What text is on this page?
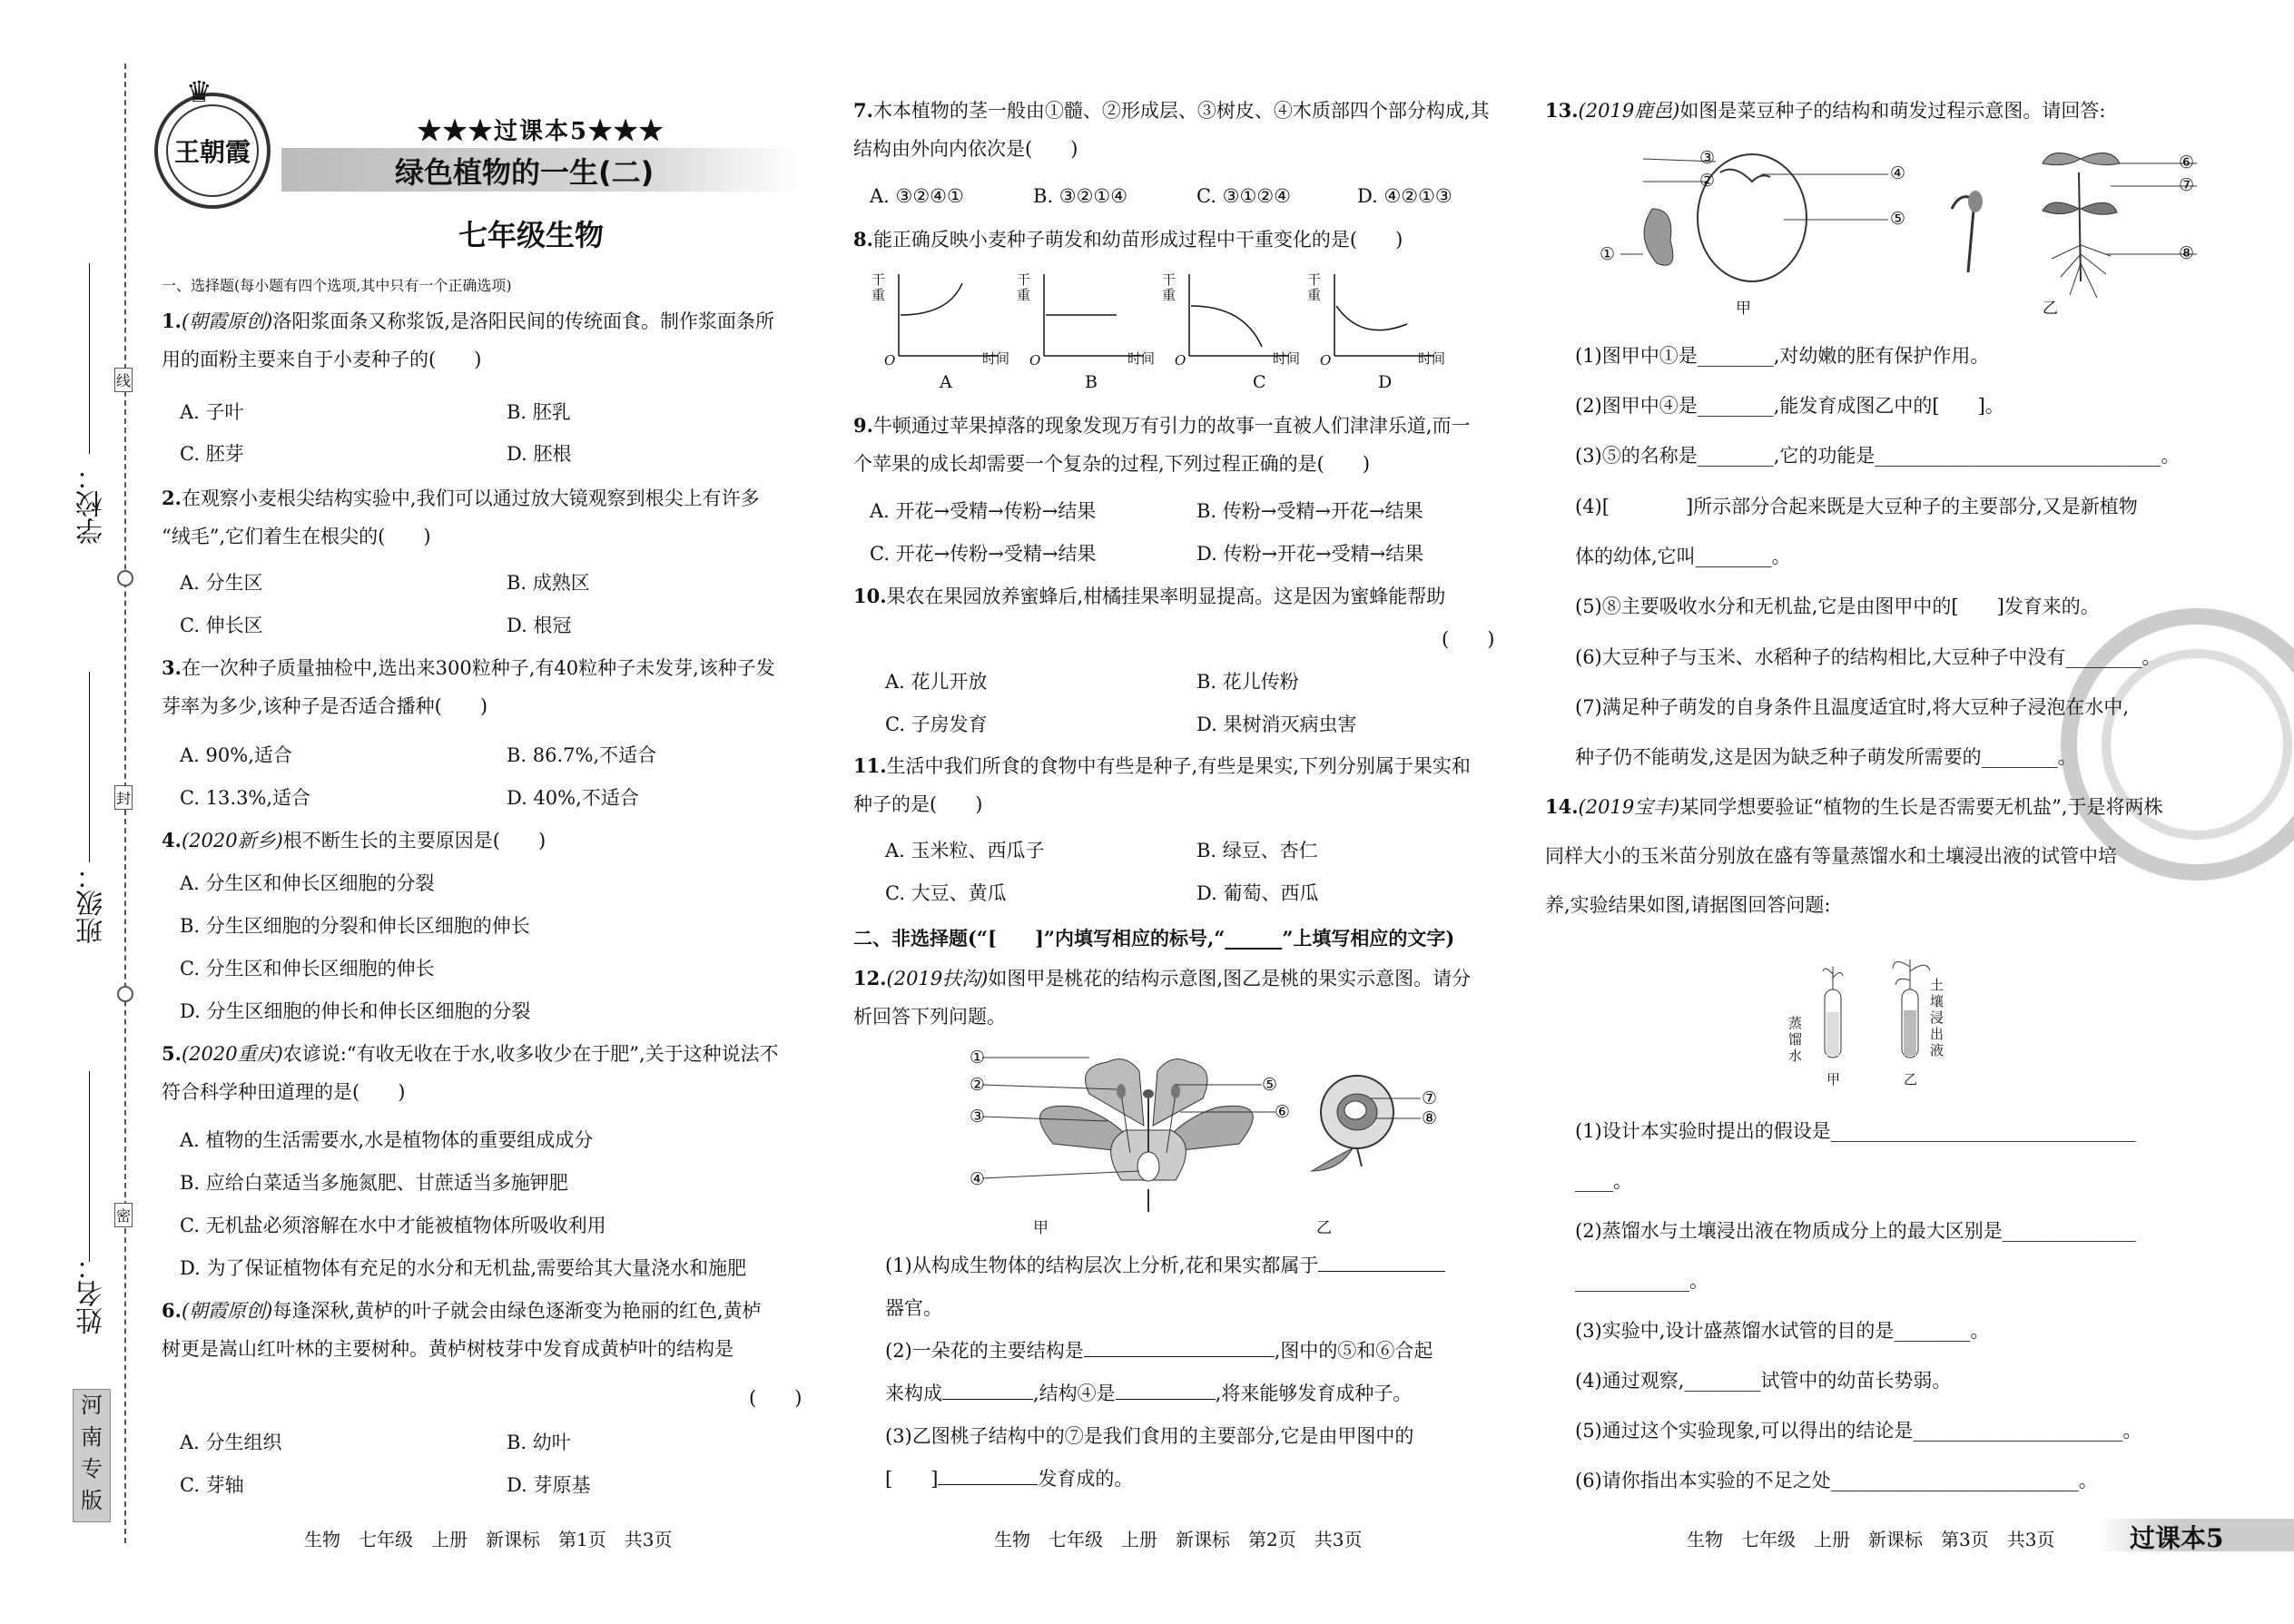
学校：
班级：
姓名：
线
封
密
河
南
专
版
王朝霞
♛
★★★过课本5★★★
绿色植物的一生(二)
七年级生物
一、选择题(每小题有四个选项,其中只有一个正确选项)
1.(朝霞原创)洛阳浆面条又称浆饭,是洛阳民间的传统面食。制作浆面条所
用的面粉主要来自于小麦种子的(　　)
A. 子叶	B. 胚乳
C. 胚芽	D. 胚根
2.在观察小麦根尖结构实验中,我们可以通过放大镜观察到根尖上有许多
“绒毛”,它们着生在根尖的(　　)
A. 分生区	B. 成熟区
C. 伸长区	D. 根冠
3.在一次种子质量抽检中,选出来300粒种子,有40粒种子未发芽,该种子发
芽率为多少,该种子是否适合播种(　　)
A. 90%,适合	B. 86.7%,不适合
C. 13.3%,适合	D. 40%,不适合
4.(2020新乡)根不断生长的主要原因是(　　)
A. 分生区和伸长区细胞的分裂
B. 分生区细胞的分裂和伸长区细胞的伸长
C. 分生区和伸长区细胞的伸长
D. 分生区细胞的伸长和伸长区细胞的分裂
5.(2020重庆)农谚说:“有收无收在于水,收多收少在于肥”,关于这种说法不
符合科学种田道理的是(　　)
A. 植物的生活需要水,水是植物体的重要组成成分
B. 应给白菜适当多施氮肥、甘蔗适当多施钾肥
C. 无机盐必须溶解在水中才能被植物体所吸收利用
D. 为了保证植物体有充足的水分和无机盐,需要给其大量浇水和施肥
6.(朝霞原创)每逢深秋,黄栌的叶子就会由绿色逐渐变为艳丽的红色,黄栌
树更是嵩山红叶林的主要树种。黄栌树枝芽中发育成黄栌叶的结构是
(　　)
A. 分生组织	B. 幼叶
C. 芽轴	D. 芽原基
生物　七年级　上册　新课标　第1页　共3页
7.木本植物的茎一般由①髓、②形成层、③树皮、④木质部四个部分构成,其
结构由外向内依次是(　　)
A. ③②④①	B. ③②①④	C. ③①②④	D. ④②①③
8.能正确反映小麦种子萌发和幼苗形成过程中干重变化的是(　　)
干重
干重
干重
干重
O	O	O	O
时间	时间	时间	时间
A	B	C	D
9.牛顿通过苹果掉落的现象发现万有引力的故事一直被人们津津乐道,而一
个苹果的成长却需要一个复杂的过程,下列过程正确的是(　　)
A. 开花→受精→传粉→结果	B. 传粉→受精→开花→结果
C. 开花→传粉→受精→结果	D. 传粉→开花→受精→结果
10.果农在果园放养蜜蜂后,柑橘挂果率明显提高。这是因为蜜蜂能帮助
(　　)
A. 花儿开放	B. 花儿传粉
C. 子房发育	D. 果树消灭病虫害
11.生活中我们所食的食物中有些是种子,有些是果实,下列分别属于果实和
种子的是(　　)
A. 玉米粒、西瓜子	B. 绿豆、杏仁
C. 大豆、黄瓜	D. 葡萄、西瓜
二、非选择题(“[　　]”内填写相应的标号,“______”上填写相应的文字)
12.(2019扶沟)如图甲是桃花的结构示意图,图乙是桃的果实示意图。请分
析回答下列问题。
①
②
③
④
⑤
⑥
⑦
⑧
甲	乙
(1)从构成生物体的结构层次上分析,花和果实都属于
器官。
(2)一朵花的主要结构是	,图中的⑤和⑥合起
来构成	,结构④是	,将来能够发育成种子。
(3)乙图桃子结构中的⑦是我们食用的主要部分,它是由甲图中的
[　　]	发育成的。
生物　七年级　上册　新课标　第2页　共3页
13.(2019鹿邑)如图是菜豆种子的结构和萌发过程示意图。请回答:
③
②	④
⑤
①
⑥
⑦
⑧
甲	乙
(1)图甲中①是________,对幼嫩的胚有保护作用。
(2)图甲中④是________,能发育成图乙中的[　　]。
(3)⑤的名称是________,它的功能是______________________________。
(4)[　　　　]所示部分合起来既是大豆种子的主要部分,又是新植物
体的幼体,它叫________。
(5)⑧主要吸收水分和无机盐,它是由图甲中的[　　]发育来的。
(6)大豆种子与玉米、水稻种子的结构相比,大豆种子中没有________。
(7)满足种子萌发的自身条件且温度适宜时,将大豆种子浸泡在水中,
种子仍不能萌发,这是因为缺乏种子萌发所需要的________。
14.(2019宝丰)某同学想要验证“植物的生长是否需要无机盐”,于是将两株
同样大小的玉米苗分别放在盛有等量蒸馏水和土壤浸出液的试管中培
养,实验结果如图,请据图回答问题:
蒸馏水
土壤浸出液
甲	乙
(1)设计本实验时提出的假设是________________________________
____。
(2)蒸馏水与土壤浸出液在物质成分上的最大区别是______________
____________。
(3)实验中,设计盛蒸馏水试管的目的是________。
(4)通过观察,________试管中的幼苗长势弱。
(5)通过这个实验现象,可以得出的结论是______________________。
(6)请你指出本实验的不足之处__________________________。
生物　七年级　上册　新课标　第3页　共3页	过课本5
